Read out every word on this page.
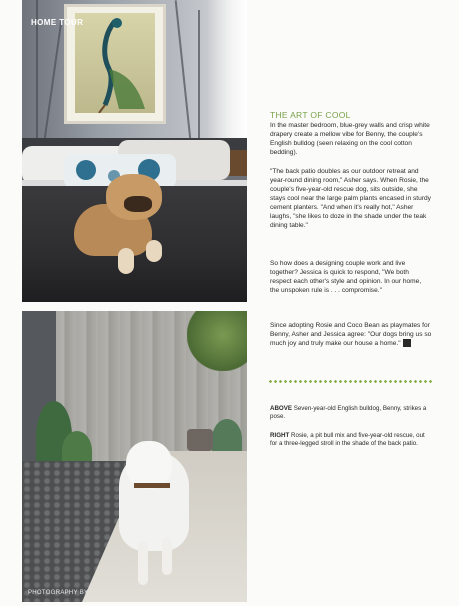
HOME TOUR
PHOTOGRAPHY BY
THE ART OF COOL

In the master bedroom, blue-grey walls and crisp white drapery create a mellow vibe for Benny, the couple's English bulldog (seen relaxing on the cool cotton bedding).

"The back patio doubles as our outdoor retreat and year-round dining room," Asher says. When Rosie, the couple's five-year-old rescue dog, sits outside, she stays cool near the large palm plants encased in sturdy cement planters. "And when it's really hot," Asher laughs, "she likes to doze in the shade under the teak dining table."

So how does a designing couple work and live together? Jessica is quick to respond, "We both respect each other's style and opinion. In our home, the unspoken rule is . . . compromise."

Since adopting Rosie and Coco Bean as playmates for Benny, Asher and Jessica agree: "Our dogs bring us so much joy and truly make our house a home."

ABOVE Seven-year-old English bulldog, Benny, strikes a pose.

RIGHT Rosie, a pit bull mix and five-year-old rescue, out for a three-legged stroll in the shade of the back patio.
